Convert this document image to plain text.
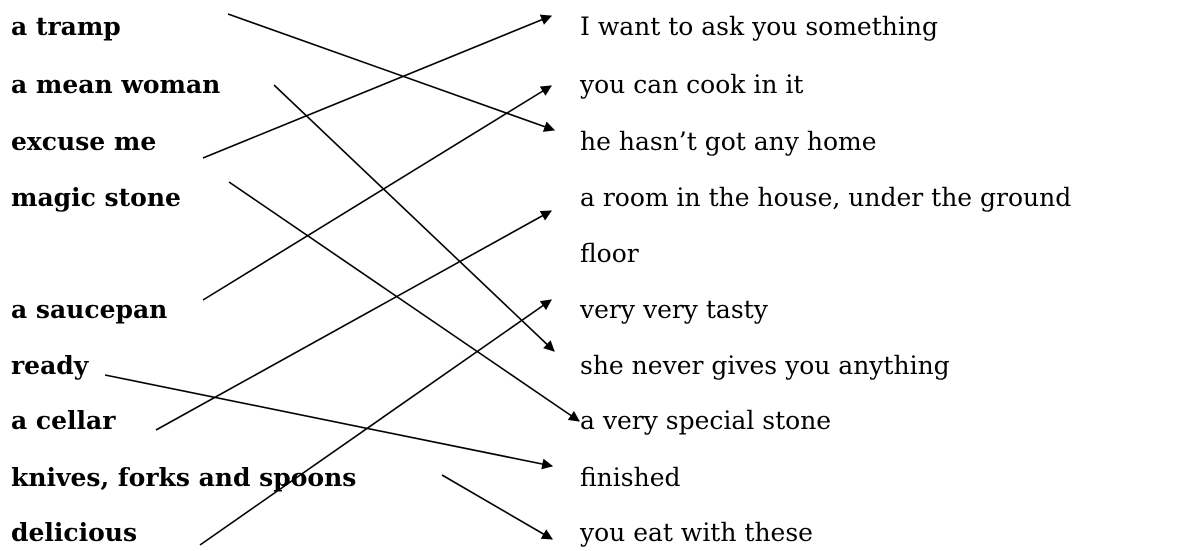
a tramp
a mean woman
excuse me
magic stone
a saucepan
ready
a cellar
knives, forks and spoons
delicious
I want to ask you something
you can cook in it
he hasn’t got any home
a room in the house, under the ground
floor
very very tasty
she never gives you anything
a very special stone
finished
you eat with these
